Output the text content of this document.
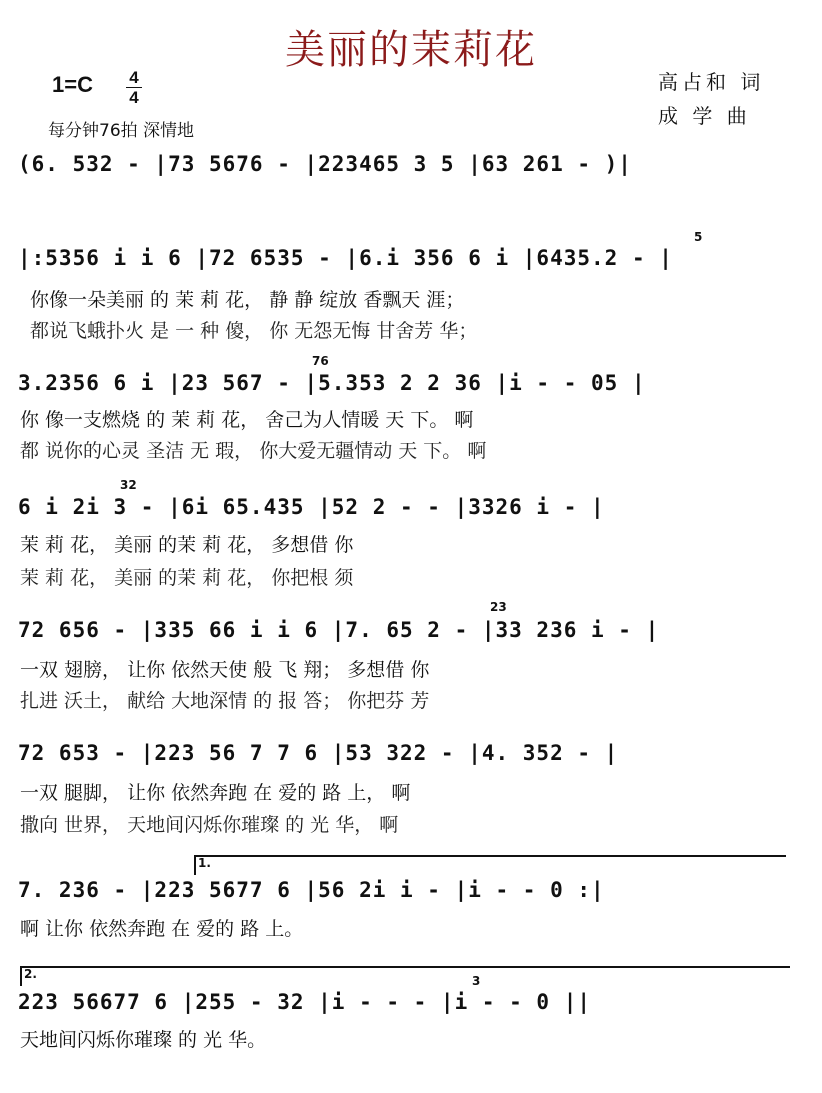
美丽的茉莉花
$1=C \frac{4}{4}$
每分钟76拍 深情地
高占和 词
成 学 曲
(6. 532 - |73 5676 - |223465 3 5 |63 261 - )|
|:5356 i i 6 |72 6535 - |6.i 356 6 i |6435.2 - |
你像一朵美丽 的 茉 莉 花， 静 静 绽放 香飘天 涯；
都说飞蛾扑火 是 一 种 傻， 你 无怨无悔 甘舍芳 华；
3.2356 6 i |23 567 - |5.353 2 2 36 |i - - 05 |
你 像一支燃烧 的 茉 莉 花， 舍己为人情暖 天 下。 啊
都 说你的心灵 圣洁 无 瑕， 你大爱无疆情动 天 下。 啊
6 i 2i 3 - |6i 65.435 |52 2 - - |3326 i - |
茉 莉 花， 美丽 的茉 莉 花， 多想借 你
茉 莉 花， 美丽 的茉 莉 花， 你把根 须
72 656 - |335 66 i i 6 |7. 65 2 - |33 236 i - |
一双 翅膀， 让你 依然天使 般 飞 翔； 多想借 你
扎进 沃土， 献给 大地深情 的 报 答； 你把芬 芳
72 653 - |223 56 7 7 6 |53 322 - |4. 352 - |
一双 腿脚， 让你 依然奔跑 在 爱的 路 上， 啊
撒向 世界， 天地间闪烁你璀璨 的 光 华， 啊
1.
7. 236 - |223 5677 6 |56 2i i - |i - - 0 :|
啊 让你 依然奔跑 在 爱的 路 上。
2.
223 56677 6 |255 - 32 |i - - - |i - - 0 ||
天地间闪烁你璀璨 的 光 华。
5
76
32
23
3
